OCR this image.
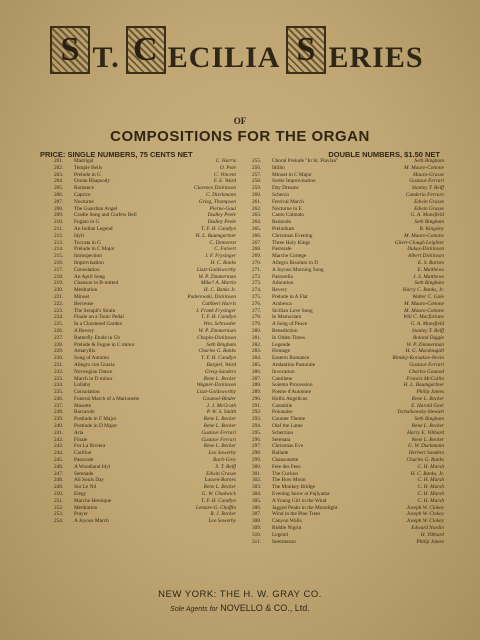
S T. C ECILIA S ERIES
OF
COMPOSITIONS FOR THE ORGAN
PRICE: SINGLE NUMBERS, 75 CENTS NET	DOUBLE NUMBERS, $1.50 NET
201.	Madrigal	C. Harris
202.	Temple Bells	O. Pole
203.	Prelude in G	C. Vincent
204.	Ocean Rhapsody	F. E. Ward
205.	Romance	Clarence Dickinson
206.	Caprice	C. Dierkmann
207.	Nocturne	Grieg, Thompson
208.	The Guardian Angel	Pierne-Gaul
209.	Cradle Song and Curfew Bell	Dudley Peele
210.	Fugato in G	Dudley Peele
211.	An Indian Legend	T. F. H. Candlyn
212.	Idyll	H. L. Baumgartner
213.	Toccata in G	C. Demorest
214.	Prelude in C Major	C. Faivert
215.	Introspection	J. F. Frysinger
216.	Improvisation	H. C. Banks
217.	Consolation	Liszt-Goldsworthy
218.	An April Song	W. P. Zimmerman
219.	Chanson in B-mitted	Mike? A. Martin
220.	Meditation	H. C. Banks Jr.
221.	Minuet	Paderewski, Dickinson
222.	Berceuse	Cuthbert Harris
223.	The Seraph's Strain	J. Frank Frysinger
224.	Finale on a Tonic Pedal	T. F. H. Candlyn
225.	In a Cloistered Garden	Wm. Schroeder
226.	A Revery	W. P. Zimmerman
227.	Butterfly Etude in Gb	Chopin-Dickinson
228.	Prelude & Fugue in C minor	Seth Bingham
229.	Amaryllis	Charles G. Banks
230.	Song of Autumn	T. F. H. Candlyn
231.	Allegro con Grazia	Bargiel, Ward
232.	Norwegian Dance	Greig-Sanders
233.	March in D minor	Rene L. Becker
234.	Lullaby	Wagner-Dickinson
235.	Consolation	Liszt-Goldsworthy
236.	Funeral March of a Marionette	Gounod-Binder
237.	Musette	J. J. McGrath
238.	Barcarole	P. W. S. Smith
239.	Postlude in F Major	Rene L. Becker
240.	Postlude in D Major	Rene L. Becker
241.	Aria	Gustave Ferrari
242.	Finale	Gustave Ferrari
243.	For La Riviera	Rene L. Becker
244.	Carillon	Leo Sowerby
245.	Pastorale	Bach-Grey
246.	A Woodland Idyl	S. T. Reiff
247.	Serenade	Edwin Grasse
248.	All Souls Day	Lassen-Barnes
249.	Sur Le Nil	Rene L. Becker
250.	Elegy	G. W. Chadwick
251.	Marche Heroique	T. F. H. Candlyn
252.	Meditation	Lemare-G. Chaffin
253.	Prayer	R. J. Becker
254.	A Joyous March	Leo Sowerby
255.	Choral Prelude "In St. Flavian"	Seth Bingham
256.	Idillio	M. Mauro-Cottone
257.	Minuet in C Major	Mauro-Grasse
258.	Sortie Improvisation	Gustave Ferrari
259.	Day Dreams	Stanley T. Reiff
260.	Scherzo	Canderia Ferraro
261.	Festival March	Edwin Grasse
262.	Nocturne in E	Edwin Grasse
263.	Canto Calmato	G. A. Mansfield
264.	Redondo	Seth Bingham
265.	Preludium	R. Kingsley
266.	Christmas Evening	M. Mauro-Cottone
267.	Three Holy Kings	Gilert-Clough Leighter
268.	Pastorale	Dukas-Dickinson
269.	Marche Cortege	Albert Dickinson
270.	Allegro Risoluto in D	E. S. Barnes
271.	A Joyous Morning Song	E. Matthews
272.	Pastorella	J. S. Matthews
273.	Adoration	Seth Bingham
274.	Revery	Harry C. Banks, Jr.
275.	Prelude in A Flat	Walter C. Gale
276.	Arabesca	M. Mauro-Cottone
277.	Sicilian Love Song	M. Mauro-Cottone
278.	In Memoriam	Will C. Macfarlane
279.	A Song of Peace	G. A. Mansfield
280.	Benediction	Stanley T. Reiff
281.	In Olden Times	Roland Diggle
282.	Legende	W. P. Zimmerman
283.	Homage	H. G. Macdougall
284.	Eastern Romance	Rimsky-Korsakov-Nevin
285.	Andantino Pastorale	Gustave Ferrari
286.	Invocation	Charles Gounod
287.	Cantilene	Francis McCollin
288.	Solemn Procession	H. L. Baumgartner
289.	Poeme d'Automne	Philip James
290.	Hollis Angelicus	Rene L. Becker
291.	Cantabile	E. Harold Geer
292.	Polonaise	Tschaikowsky-Stewart
293.	Counter Theme	Seth Bingham
294.	Olaf the Lame	Rene L. Becker
295.	Scherzino	Harry E. Vibbard
296.	Serenata	Rene L. Becker
297.	Christmas Eve	G. W. Duckmann
298.	Ballade	Herbert Sanders
299.	Chansonette	Charles G. Banks
300.	Fete des Fees	C. H. Marsh
301.	The Cuckoo	H. C. Banks, Jr.
302.	The Bow Moon	C. H. Marsh
303.	The Monkey Bridge	C. H. Marsh
304.	Evening Snow at Fujiyama	C. H. Marsh
305.	A Young Girl in the Wind	C. H. Marsh
306.	Jagged Peaks in the Moonlight	Joseph W. Clokey
307.	Wind in the Pine Trees	Joseph W. Clokey
308.	Canyon Walls	Joseph W. Clokey
309.	Riddle Nigrin	Edward Nordin
310.	Legend	H. Vibbard
311.	Intermezzo	Philip James
NEW YORK: THE H. W. GRAY CO.
Sole Agents for NOVELLO & CO., Ltd.
